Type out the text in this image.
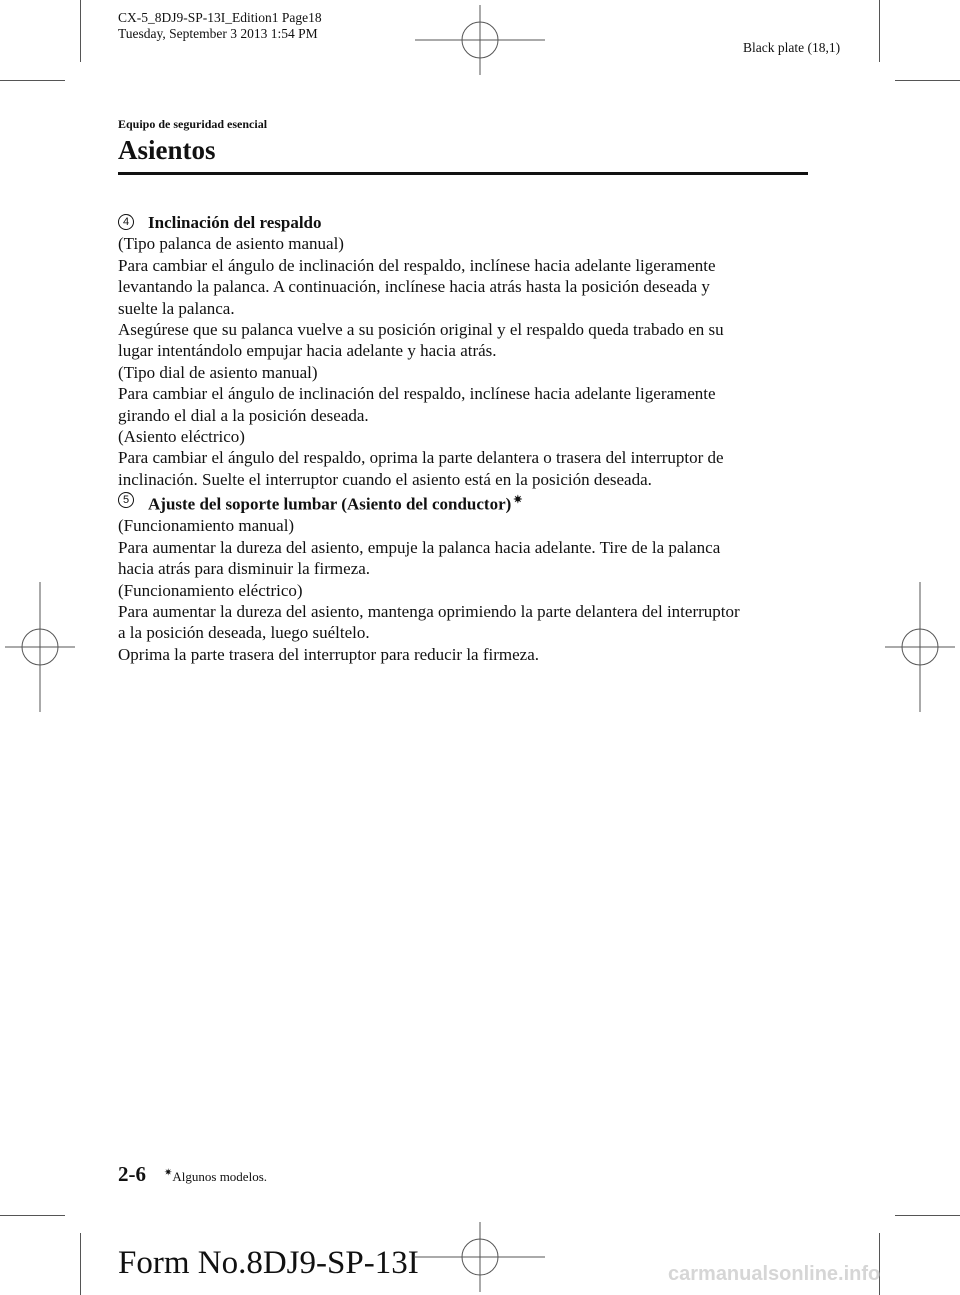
CX-5_8DJ9-SP-13I_Edition1 Page18
Tuesday, September 3 2013 1:54 PM
Black plate (18,1)
Equipo de seguridad esencial
Asientos

4 Inclinación del respaldo

(Tipo palanca de asiento manual)

Para cambiar el ángulo de inclinación del respaldo, inclínese hacia adelante ligeramente

levantando la palanca. A continuación, inclínese hacia atrás hasta la posición deseada y

suelte la palanca.

Asegúrese que su palanca vuelve a su posición original y el respaldo queda trabado en su

lugar intentándolo empujar hacia adelante y hacia atrás.

(Tipo dial de asiento manual)

Para cambiar el ángulo de inclinación del respaldo, inclínese hacia adelante ligeramente

girando el dial a la posición deseada.

(Asiento eléctrico)

Para cambiar el ángulo del respaldo, oprima la parte delantera o trasera del interruptor de

inclinación. Suelte el interruptor cuando el asiento está en la posición deseada.

5 Ajuste del soporte lumbar (Asiento del conductor) ✷

(Funcionamiento manual)

Para aumentar la dureza del asiento, empuje la palanca hacia adelante. Tire de la palanca

hacia atrás para disminuir la firmeza.

(Funcionamiento eléctrico)

Para aumentar la dureza del asiento, mantenga oprimiendo la parte delantera del interruptor

a la posición deseada, luego suéltelo.

Oprima la parte trasera del interruptor para reducir la firmeza.

2-6 ✷Algunos modelos.
Form No.8DJ9-SP-13I	carmanualsonline.info
